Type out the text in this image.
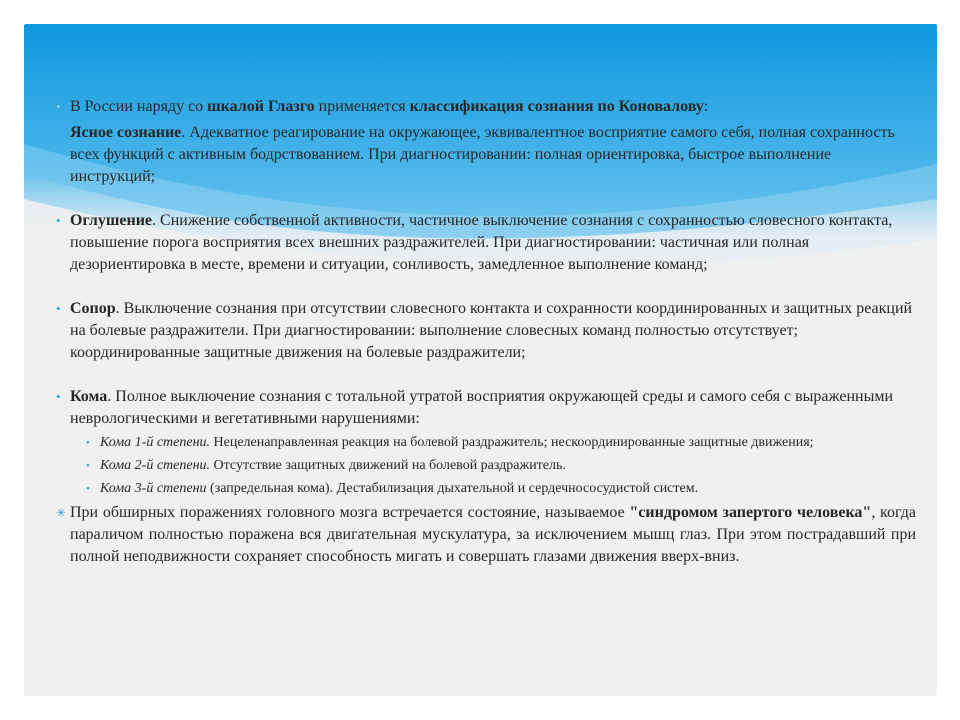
• В России наряду со шкалой Глазго применяется классификация сознания по Коновалову:
Ясное сознание. Адекватное реагирование на окружающее, эквивалентное восприятие самого себя, полная сохранность всех функций с активным бодрствованием. При диагностировании: полная ориентировка, быстрое выполнение инструкций;
• Оглушение. Снижение собственной активности, частичное выключение сознания с сохранностью словесного контакта, повышение порога восприятия всех внешних раздражителей. При диагностировании: частичная или полная дезориентировка в месте, времени и ситуации, сонливость, замедленное выполнение команд;
• Сопор. Выключение сознания при отсутствии словесного контакта и сохранности координированных и защитных реакций на болевые раздражители. При диагностировании: выполнение словесных команд полностью отсутствует; координированные защитные движения на болевые раздражители;
• Кома. Полное выключение сознания с тотальной утратой восприятия окружающей среды и самого себя с выраженными неврологическими и вегетативными нарушениями:
• Кома 1-й степени. Нецеленаправленная реакция на болевой раздражитель; нескоординированные защитные движения;
• Кома 2-й степени. Отсутствие защитных движений на болевой раздражитель.
• Кома 3-й степени (запредельная кома). Дестабилизация дыхательной и сердечнососудистой систем.
✳ При обширных поражениях головного мозга встречается состояние, называемое "синдромом запертого человека", когда параличом полностью поражена вся двигательная мускулатура, за исключением мышц глаз. При этом пострадавший при полной неподвижности сохраняет способность мигать и совершать глазами движения вверх-вниз.
